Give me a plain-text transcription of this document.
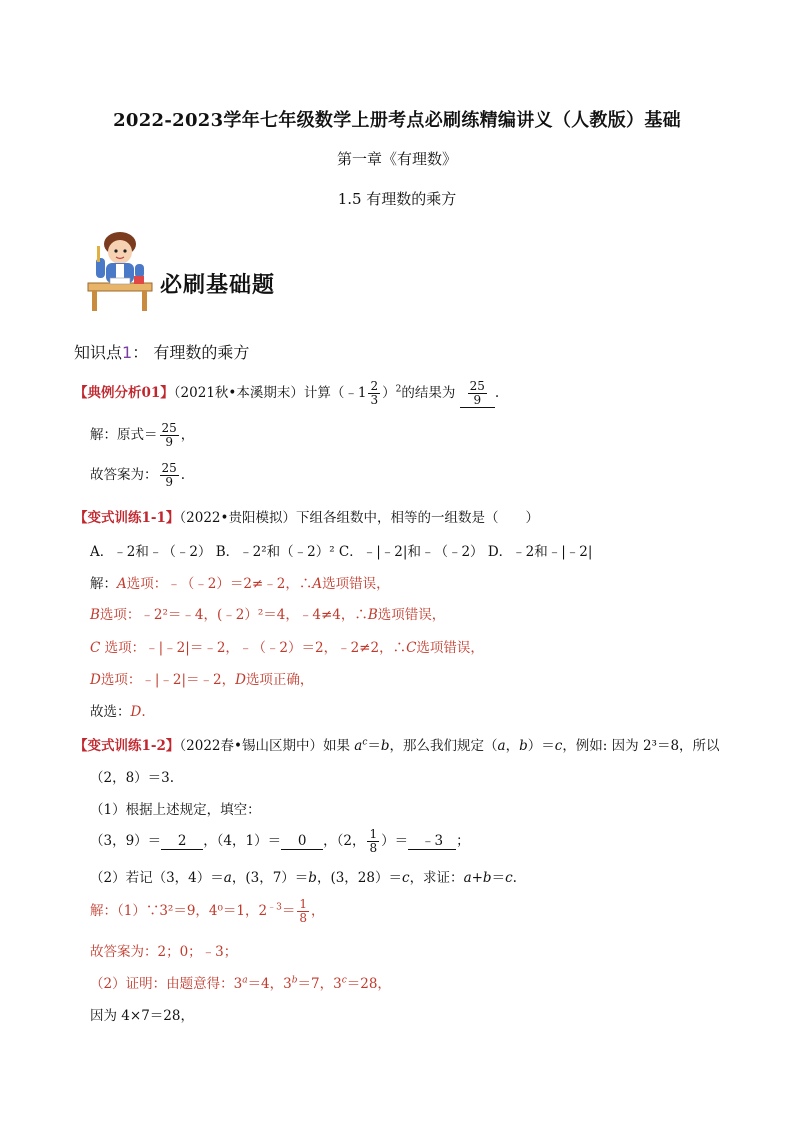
2022-2023学年七年级数学上册考点必刷练精编讲义（人教版）基础
第一章《有理数》
1.5 有理数的乘方
必刷基础题
知识点1： 有理数的乘方
【典例分析01】（2021秋•本溪期末）计算（﹣1 $\frac{2}{3} )^2$的结果为 $\frac{25}{9}$ .
解：原式＝ $\frac{25}{9}$ ，
故答案为： $\frac{25}{9}$ .
【变式训练1-1】（2022•贵阳模拟）下组各组数中，相等的一组数是（　　）
A．﹣2和﹣（﹣2） B．﹣2²和（﹣2）² C．﹣|﹣2|和﹣（﹣2） D．﹣2和﹣|﹣2|
解：A选项：﹣（﹣2）＝2≠﹣2，∴A选项错误，
B选项：﹣2²＝﹣4，(﹣2）²＝4，﹣4≠4，∴B选项错误，
C 选项：﹣|﹣2|＝﹣2，﹣（﹣2）＝2，﹣2≠2，∴C选项错误，
D选项：﹣|﹣2|＝﹣2，D选项正确，
故选：D.
【变式训练1-2】（2022春•锡山区期中）如果 $a^c=b$，那么我们规定（a，b）＝c，例如: 因为 2³＝8，所以
（2，8）＝3.
（1）根据上述规定，填空：
（3，9）＝ 2 ，（4，1）＝ 0 ，（2， $\frac{1}{8}$ ）＝ ﹣3 ；
（2）若记（3，4）＝a，(3，7）＝b，(3，28）＝c，求证：a+b＝c.
解：（1）∵3²＝9，4⁰＝1，$2^{﹣3}= \frac{1}{8}$ ，
故答案为：2；0；﹣3；
（2）证明：由题意得：$3^a=4$，$3^b=7$，$3^c=28$，
因为 4×7＝28，
